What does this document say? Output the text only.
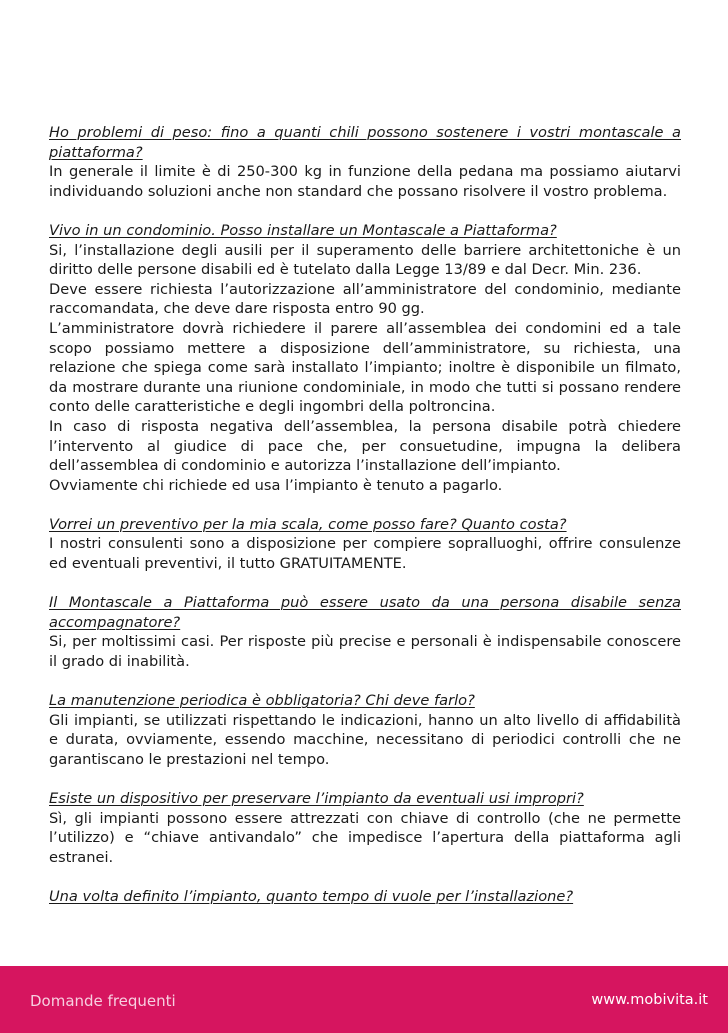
Ho problemi di peso: fino a quanti chili possono sostenere i vostri montascale a piattaforma?

In generale il limite è di 250-300 kg in funzione della pedana ma possiamo aiutarvi individuando soluzioni anche non standard che possano risolvere il vostro problema.

Vivo in un condominio. Posso installare un Montascale a Piattaforma?

Si, l’installazione degli ausili per il superamento delle barriere architettoniche è un diritto delle persone disabili ed è tutelato dalla Legge 13/89 e dal Decr. Min. 236.

Deve essere richiesta l’autorizzazione all’amministratore del condominio, mediante raccomandata, che deve dare risposta entro 90 gg.

L’amministratore dovrà richiedere il parere all’assemblea dei condomini ed a tale scopo possiamo mettere a disposizione dell’amministratore, su richiesta, una relazione che spiega come sarà installato l’impianto; inoltre è disponibile un filmato, da mostrare durante una riunione condominiale, in modo che tutti si possano rendere conto delle caratteristiche e degli ingombri della poltroncina.

In caso di risposta negativa dell’assemblea, la persona disabile potrà chiedere l’intervento al giudice di pace che, per consuetudine, impugna la delibera dell’assemblea di condominio e autorizza l’installazione dell’impianto.

Ovviamente chi richiede ed usa l’impianto è tenuto a pagarlo.

Vorrei un preventivo per la mia scala, come posso fare? Quanto costa?

I nostri consulenti sono a disposizione per compiere sopralluoghi, offrire consulenze ed eventuali preventivi, il tutto GRATUITAMENTE.

Il Montascale a Piattaforma può essere usato da una persona disabile senza accompagnatore?

Si, per moltissimi casi. Per risposte più precise e personali è indispensabile conoscere il grado di inabilità.

La manutenzione periodica è obbligatoria? Chi deve farlo?

Gli impianti, se utilizzati rispettando le indicazioni, hanno un alto livello di affidabilità e durata, ovviamente, essendo macchine, necessitano di periodici controlli che ne garantiscano le prestazioni nel tempo.

Esiste un dispositivo per preservare l’impianto da eventuali usi impropri?

Sì, gli impianti possono essere attrezzati con chiave di controllo (che ne permette l’utilizzo) e “chiave antivandalo” che impedisce l’apertura della piattaforma agli estranei.

Una volta definito l’impianto, quanto tempo di vuole per l’installazione?
Domande frequenti	www.mobivita.it
